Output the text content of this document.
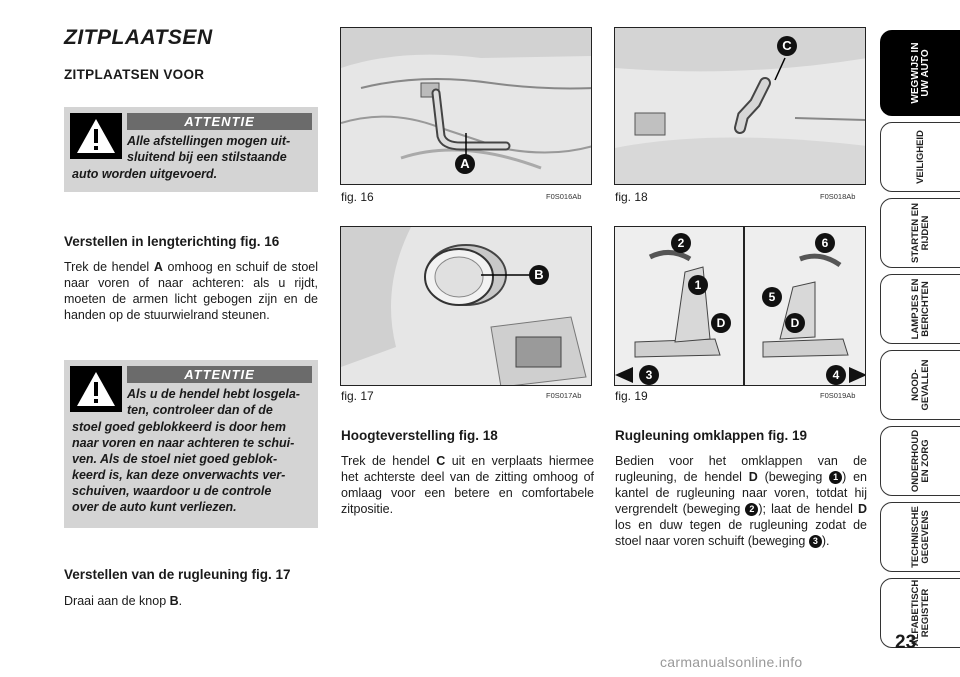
ZITPLAATSEN
ZITPLAATSEN VOOR
ATTENTIE
Alle afstellingen mogen uit-
sluitend bij een stilstaande
auto worden uitgevoerd.
Verstellen in lengterichting fig. 16
Trek de hendel A omhoog en schuif de stoel naar voren of naar achteren: als u rijdt, moeten de armen licht gebogen zijn en de handen op de stuurwielrand steunen.
ATTENTIE
Als u de hendel hebt losgela-
ten, controleer dan of de
stoel goed geblokkeerd is door hem
naar voren en naar achteren te schui-
ven. Als de stoel niet goed geblok-
keerd is, kan deze onverwachts ver-
schuiven, waardoor u de controle
over de auto kunt verliezen.
Verstellen van de rugleuning fig. 17
Draai aan de knop B.
A
fig. 16	F0S016Ab
B
fig. 17	F0S017Ab
Hoogteverstelling fig. 18
Trek de hendel C uit en verplaats hiermee het achterste deel van de zitting omhoog of omlaag voor een betere en comfortabele zitpositie.
C
fig. 18	F0S018Ab
2
1
D
3
6
5
D
4
fig. 19	F0S019Ab
Rugleuning omklappen fig. 19
Bedien voor het omklappen van de rugleuning, de hendel D (beweging 1 ) en kantel de rugleuning naar voren, totdat hij vergrendelt (beweging 2 ); laat de hendel D los en duw tegen de rugleuning zodat de stoel naar voren schuift (beweging 3 ).
WEGWIJS IN
UW AUTO
VEILIGHEID
STARTEN EN
RIJDEN
LAMPJES EN
BERICHTEN
NOOD-
GEVALLEN
ONDERHOUD
EN ZORG
TECHNISCHE
GEGEVENS
ALFABETISCH
REGISTER
23
carmanualsonline.info
